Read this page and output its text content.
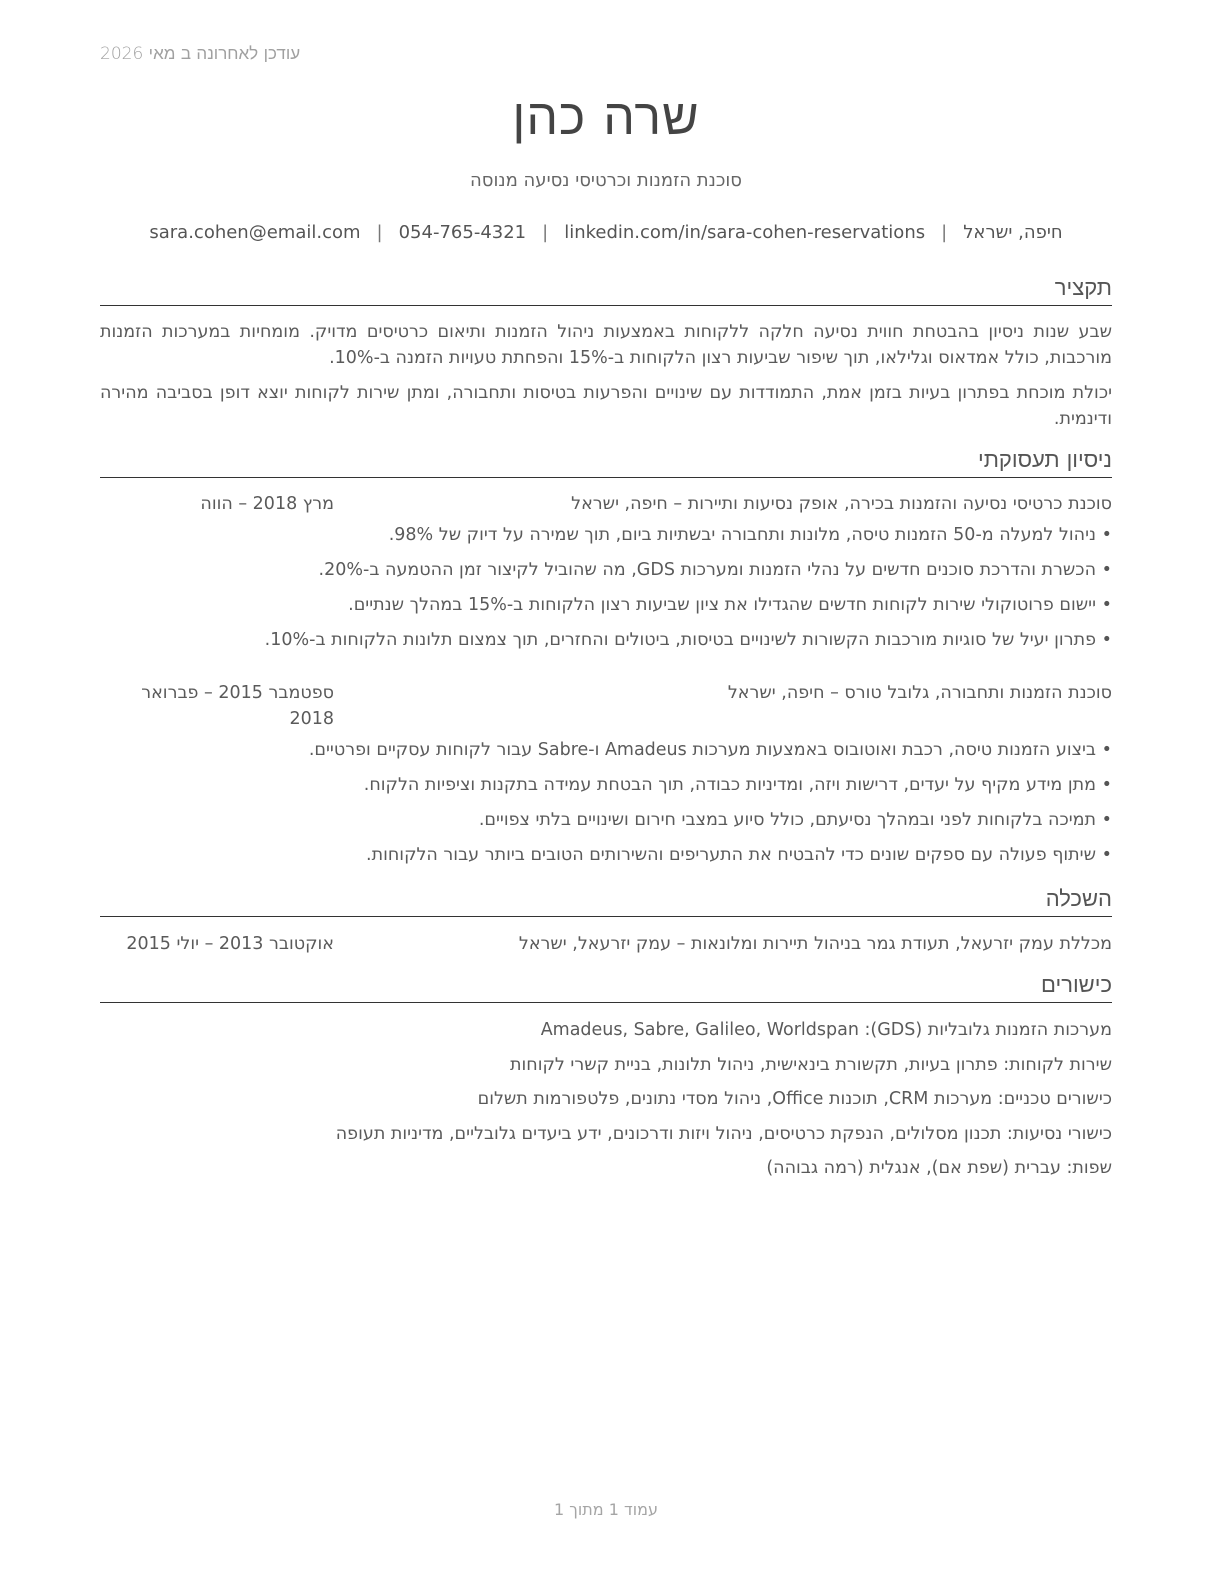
עודכן לאחרונה ב מאי 2026
שרה כהן
סוכנת הזמנות וכרטיסי נסיעה מנוסה
חיפה, ישראל|sara.cohen@email.com | 054-765-4321 | linkedin.com/in/sara-cohen-reservations
תקציר
שבע שנות ניסיון בהבטחת חווית נסיעה חלקה ללקוחות באמצעות ניהול הזמנות ותיאום כרטיסים מדויק. מומחיות במערכות הזמנות מורכבות, כולל אמדאוס וגלילאו, תוך שיפור שביעות רצון הלקוחות ב-15% והפחתת טעויות הזמנה ב-10%.
יכולת מוכחת בפתרון בעיות בזמן אמת, התמודדות עם שינויים והפרעות בטיסות ותחבורה, ומתן שירות לקוחות יוצא דופן בסביבה מהירה ודינמית.
ניסיון תעסוקתי
סוכנת כרטיסי נסיעה והזמנות בכירה, אופק נסיעות ותיירות – חיפה, ישראל
מרץ 2018 – הווה
• ניהול למעלה מ-50 הזמנות טיסה, מלונות ותחבורה יבשתיות ביום, תוך שמירה על דיוק של 98%.
• הכשרת והדרכת סוכנים חדשים על נהלי הזמנות ומערכות GDS, מה שהוביל לקיצור זמן ההטמעה ב-20%.
• יישום פרוטוקולי שירות לקוחות חדשים שהגדילו את ציון שביעות רצון הלקוחות ב-15% במהלך שנתיים.
• פתרון יעיל של סוגיות מורכבות הקשורות לשינויים בטיסות, ביטולים והחזרים, תוך צמצום תלונות הלקוחות ב-10%.
סוכנת הזמנות ותחבורה, גלובל טורס – חיפה, ישראל
ספטמבר 2015 – פברואר 2018
• ביצוע הזמנות טיסה, רכבת ואוטובוס באמצעות מערכות Amadeus ו-Sabre עבור לקוחות עסקיים ופרטיים.
• מתן מידע מקיף על יעדים, דרישות ויזה, ומדיניות כבודה, תוך הבטחת עמידה בתקנות וציפיות הלקוח.
• תמיכה בלקוחות לפני ובמהלך נסיעתם, כולל סיוע במצבי חירום ושינויים בלתי צפויים.
• שיתוף פעולה עם ספקים שונים כדי להבטיח את התעריפים והשירותים הטובים ביותר עבור הלקוחות.
השכלה
מכללת עמק יזרעאל, תעודת גמר בניהול תיירות ומלונאות – עמק יזרעאל, ישראל
אוקטובר 2013 – יולי 2015
כישורים
מערכות הזמנות גלובליות (GDS): Amadeus, Sabre, Galileo, Worldspan
שירות לקוחות: פתרון בעיות, תקשורת בינאישית, ניהול תלונות, בניית קשרי לקוחות
כישורים טכניים: מערכות CRM, תוכנות Office, ניהול מסדי נתונים, פלטפורמות תשלום
כישורי נסיעות: תכנון מסלולים, הנפקת כרטיסים, ניהול ויזות ודרכונים, ידע ביעדים גלובליים, מדיניות תעופה
שפות: עברית (שפת אם), אנגלית (רמה גבוהה)
עמוד 1 מתוך 1
